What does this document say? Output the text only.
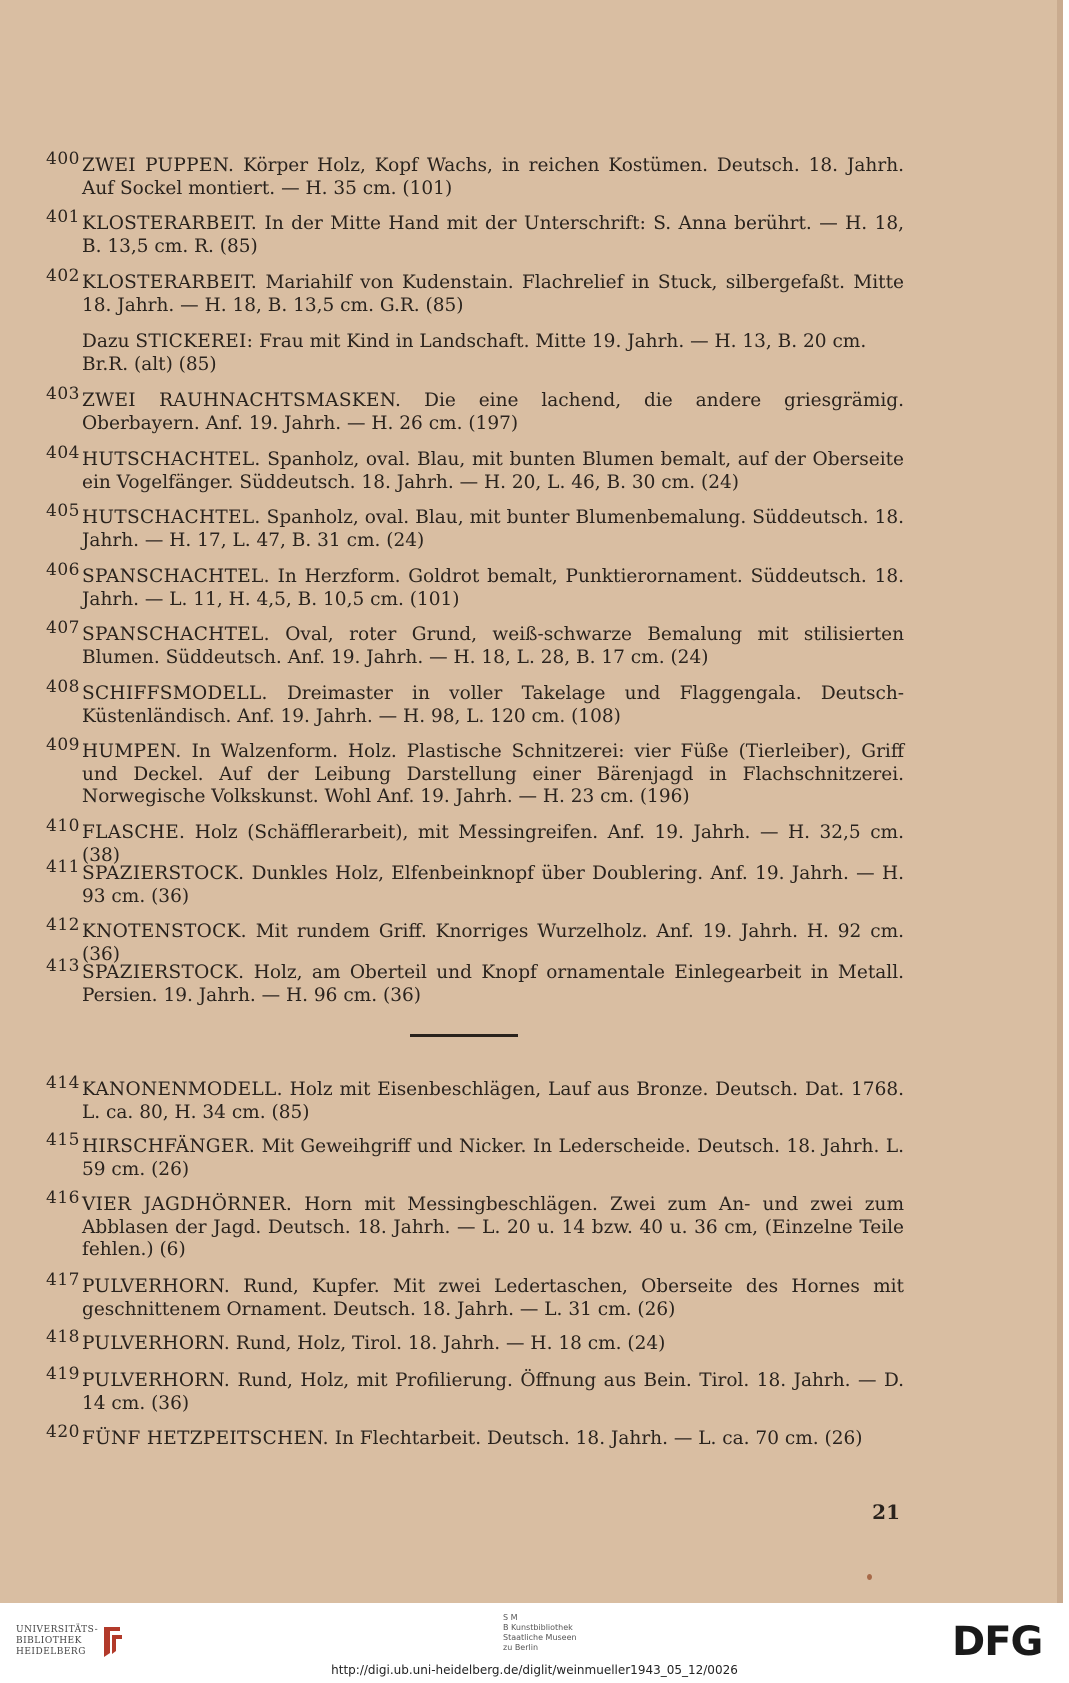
400 ZWEI PUPPEN. Körper Holz, Kopf Wachs, in reichen Kostümen. Deutsch. 18. Jahrh. Auf Sockel montiert. — H. 35 cm. (101)
401 KLOSTERARBEIT. In der Mitte Hand mit der Unterschrift: S. Anna berührt. — H. 18, B. 13,5 cm. R. (85)
402 KLOSTERARBEIT. Mariahilf von Kudenstain. Flachrelief in Stuck, silbergefaßt. Mitte 18. Jahrh. — H. 18, B. 13,5 cm. G.R. (85)
Dazu STICKEREI: Frau mit Kind in Landschaft. Mitte 19. Jahrh. — H. 13, B. 20 cm. Br.R. (alt) (85)
403 ZWEI RAUHNACHTSMASKEN. Die eine lachend, die andere griesgrämig. Oberbayern. Anf. 19. Jahrh. — H. 26 cm. (197)
404 HUTSCHACHTEL. Spanholz, oval. Blau, mit bunten Blumen bemalt, auf der Oberseite ein Vogelfänger. Süddeutsch. 18. Jahrh. — H. 20, L. 46, B. 30 cm. (24)
405 HUTSCHACHTEL. Spanholz, oval. Blau, mit bunter Blumenbemalung. Süddeutsch. 18. Jahrh. — H. 17, L. 47, B. 31 cm. (24)
406 SPANSCHACHTEL. In Herzform. Goldrot bemalt, Punktierornament. Süddeutsch. 18. Jahrh. — L. 11, H. 4,5, B. 10,5 cm. (101)
407 SPANSCHACHTEL. Oval, roter Grund, weiß-schwarze Bemalung mit stilisierten Blumen. Süddeutsch. Anf. 19. Jahrh. — H. 18, L. 28, B. 17 cm. (24)
408 SCHIFFSMODELL. Dreimaster in voller Takelage und Flaggengala. Deutsch-Küstenländisch. Anf. 19. Jahrh. — H. 98, L. 120 cm. (108)
409 HUMPEN. In Walzenform. Holz. Plastische Schnitzerei: vier Füße (Tierleiber), Griff und Deckel. Auf der Leibung Darstellung einer Bärenjagd in Flachschnitzerei. Norwegische Volkskunst. Wohl Anf. 19. Jahrh. — H. 23 cm. (196)
410 FLASCHE. Holz (Schäfflerarbeit), mit Messingreifen. Anf. 19. Jahrh. — H. 32,5 cm. (38)
411 SPAZIERSTOCK. Dunkles Holz, Elfenbeinknopf über Doublering. Anf. 19. Jahrh. — H. 93 cm. (36)
412 KNOTENSTOCK. Mit rundem Griff. Knorriges Wurzelholz. Anf. 19. Jahrh. H. 92 cm. (36)
413 SPAZIERSTOCK. Holz, am Oberteil und Knopf ornamentale Einlegearbeit in Metall. Persien. 19. Jahrh. — H. 96 cm. (36)
414 KANONENMODELL. Holz mit Eisenbeschlägen, Lauf aus Bronze. Deutsch. Dat. 1768. L. ca. 80, H. 34 cm. (85)
415 HIRSCHFÄNGER. Mit Geweihgriff und Nicker. In Lederscheide. Deutsch. 18. Jahrh. L. 59 cm. (26)
416 VIER JAGDHÖRNER. Horn mit Messingbeschlägen. Zwei zum An- und zwei zum Abblasen der Jagd. Deutsch. 18. Jahrh. — L. 20 u. 14 bzw. 40 u. 36 cm, (Einzelne Teile fehlen.) (6)
417 PULVERHORN. Rund, Kupfer. Mit zwei Ledertaschen, Oberseite des Hornes mit geschnittenem Ornament. Deutsch. 18. Jahrh. — L. 31 cm. (26)
418 PULVERHORN. Rund, Holz, Tirol. 18. Jahrh. — H. 18 cm. (24)
419 PULVERHORN. Rund, Holz, mit Profilierung. Öffnung aus Bein. Tirol. 18. Jahrh. — D. 14 cm. (36)
420 FÜNF HETZPEITSCHEN. In Flechtarbeit. Deutsch. 18. Jahrh. — L. ca. 70 cm. (26)
21
UNIVERSITÄTS-
BIBLIOTHEK
HEIDELBERG
S M
B Kunstbibliothek
Staatliche Museen
zu Berlin	DFG
http://digi.ub.uni-heidelberg.de/diglit/weinmueller1943_05_12/0026
